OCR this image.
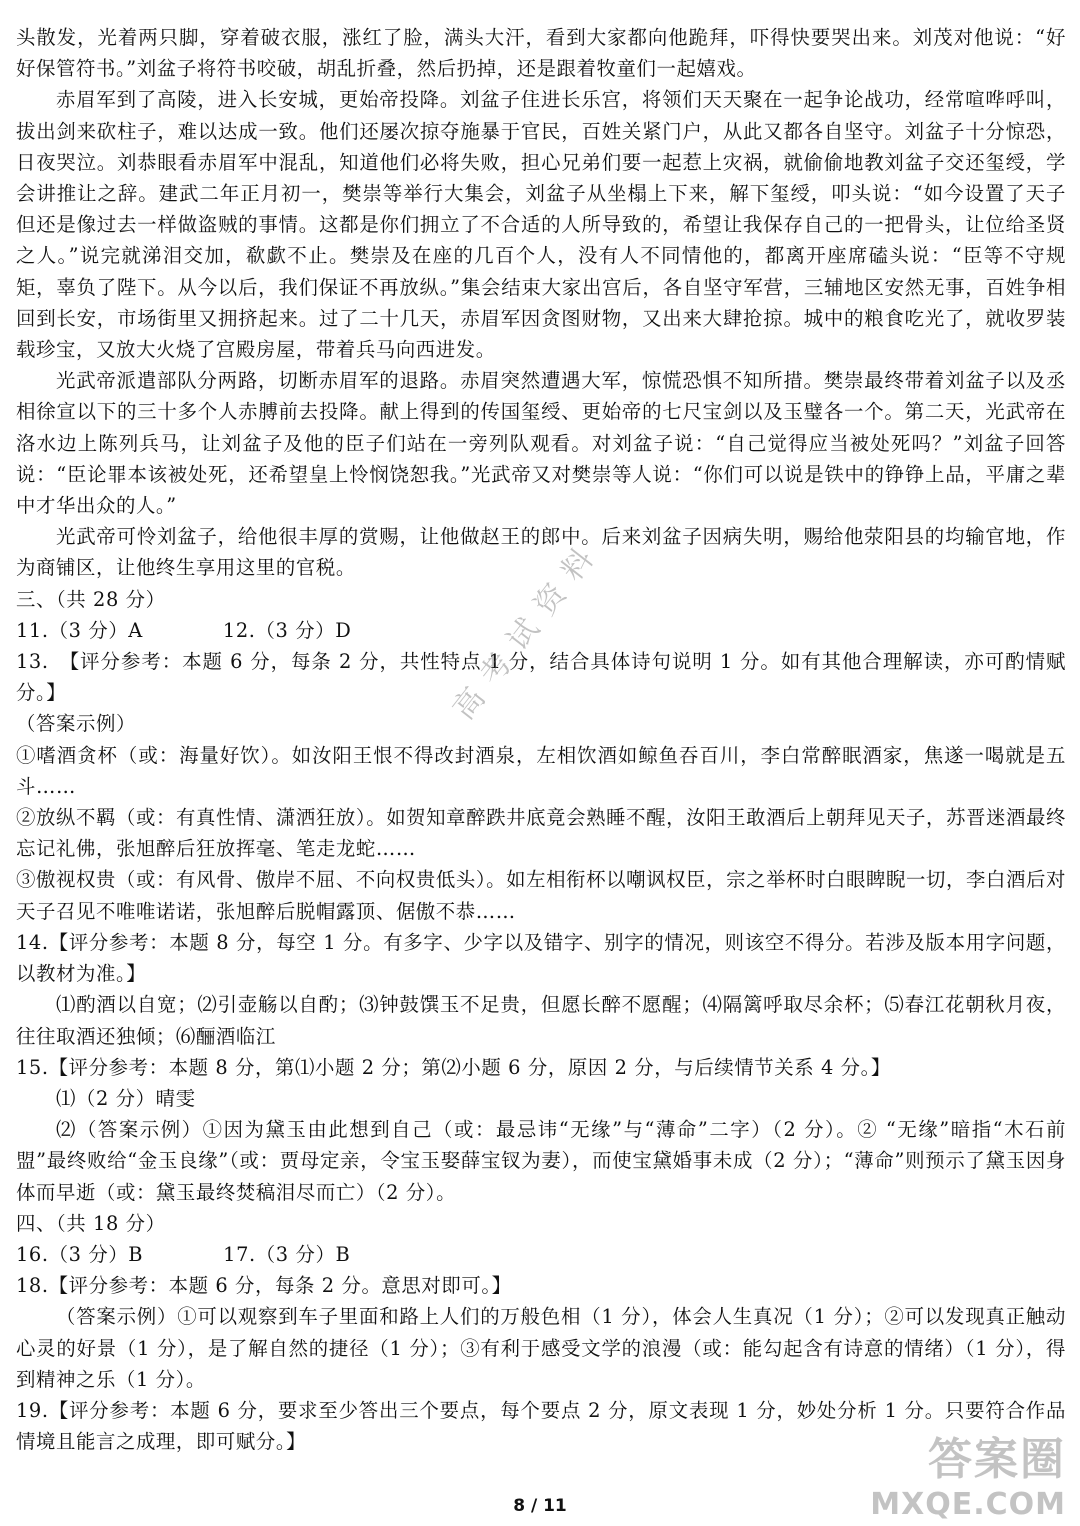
头散发，光着两只脚，穿着破衣服，涨红了脸，满头大汗，看到大家都向他跪拜，吓得快要哭出来。刘茂对他说：“好好保管符书。”刘盆子将符书咬破，胡乱折叠，然后扔掉，还是跟着牧童们一起嬉戏。

赤眉军到了高陵，进入长安城，更始帝投降。刘盆子住进长乐宫，将领们天天聚在一起争论战功，经常喧哗呼叫，拔出剑来砍柱子，难以达成一致。他们还屡次掠夺施暴于官民，百姓关紧门户，从此又都各自坚守。刘盆子十分惊恐，日夜哭泣。刘恭眼看赤眉军中混乱，知道他们必将失败，担心兄弟们要一起惹上灾祸，就偷偷地教刘盆子交还玺绶，学会讲推让之辞。建武二年正月初一，樊崇等举行大集会，刘盆子从坐榻上下来，解下玺绶，叩头说：“如今设置了天子但还是像过去一样做盗贼的事情。这都是你们拥立了不合适的人所导致的，希望让我保存自己的一把骨头，让位给圣贤之人。”说完就涕泪交加，欷歔不止。樊崇及在座的几百个人，没有人不同情他的，都离开座席磕头说：“臣等不守规矩，辜负了陛下。从今以后，我们保证不再放纵。”集会结束大家出宫后，各自坚守军营，三辅地区安然无事，百姓争相回到长安，市场街里又拥挤起来。过了二十几天，赤眉军因贪图财物，又出来大肆抢掠。城中的粮食吃光了，就收罗装载珍宝，又放大火烧了宫殿房屋，带着兵马向西进发。

光武帝派遣部队分两路，切断赤眉军的退路。赤眉突然遭遇大军，惊慌恐惧不知所措。樊崇最终带着刘盆子以及丞相徐宣以下的三十多个人赤膊前去投降。献上得到的传国玺绶、更始帝的七尺宝剑以及玉璧各一个。第二天，光武帝在洛水边上陈列兵马，让刘盆子及他的臣子们站在一旁列队观看。对刘盆子说：“自己觉得应当被处死吗？”刘盆子回答说：“臣论罪本该被处死，还希望皇上怜悯饶恕我。”光武帝又对樊崇等人说：“你们可以说是铁中的铮铮上品，平庸之辈中才华出众的人。”

光武帝可怜刘盆子，给他很丰厚的赏赐，让他做赵王的郎中。后来刘盆子因病失明，赐给他荥阳县的均输官地，作为商铺区，让他终生享用这里的官税。

三、（共 28 分）

11.（3 分）A	12.（3 分）D

13.　【评分参考：本题 6 分，每条 2 分，共性特点 1 分，结合具体诗句说明 1 分。如有其他合理解读，亦可酌情赋分。】

（答案示例）

①嗜酒贪杯（或：海量好饮）。如汝阳王恨不得改封酒泉，左相饮酒如鲸鱼吞百川，李白常醉眠酒家，焦遂一喝就是五斗……

②放纵不羁（或：有真性情、潇洒狂放）。如贺知章醉跌井底竟会熟睡不醒，汝阳王敢酒后上朝拜见天子，苏晋迷酒最终忘记礼佛，张旭醉后狂放挥毫、笔走龙蛇……

③傲视权贵（或：有风骨、傲岸不屈、不向权贵低头）。如左相衔杯以嘲讽权臣，宗之举杯时白眼睥睨一切，李白酒后对天子召见不唯唯诺诺，张旭醉后脱帽露顶、倨傲不恭……

14.【评分参考：本题 8 分，每空 1 分。有多字、少字以及错字、别字的情况，则该空不得分。若涉及版本用字问题，以教材为准。】

⑴酌酒以自宽；⑵引壶觞以自酌；⑶钟鼓馔玉不足贵，但愿长醉不愿醒；⑷隔篱呼取尽余杯；⑸春江花朝秋月夜，往往取酒还独倾；⑹酾酒临江

15.【评分参考：本题 8 分，第⑴小题 2 分；第⑵小题 6 分，原因 2 分，与后续情节关系 4 分。】

⑴（2 分）晴雯

⑵（答案示例）①因为黛玉由此想到自己（或：最忌讳“无缘”与“薄命”二字）（2 分）。② “无缘”暗指“木石前盟”最终败给“金玉良缘”（或：贾母定亲，令宝玉娶薛宝钗为妻），而使宝黛婚事未成（2 分）；“薄命”则预示了黛玉因身体而早逝（或：黛玉最终焚稿泪尽而亡）（2 分）。

四、（共 18 分）

16.（3 分）B	17.（3 分）B

18.【评分参考：本题 6 分，每条 2 分。意思对即可。】

（答案示例）①可以观察到车子里面和路上人们的万般色相（1 分），体会人生真况（1 分）；②可以发现真正触动心灵的好景（1 分），是了解自然的捷径（1 分）；③有利于感受文学的浪漫（或：能勾起含有诗意的情绪）（1 分），得到精神之乐（1 分）。

19.【评分参考：本题 6 分，要求至少答出三个要点，每个要点 2 分，原文表现 1 分，妙处分析 1 分。只要符合作品情境且能言之成理，即可赋分。】

高考试资料
8 / 11
答案圈
MXQE.COM
